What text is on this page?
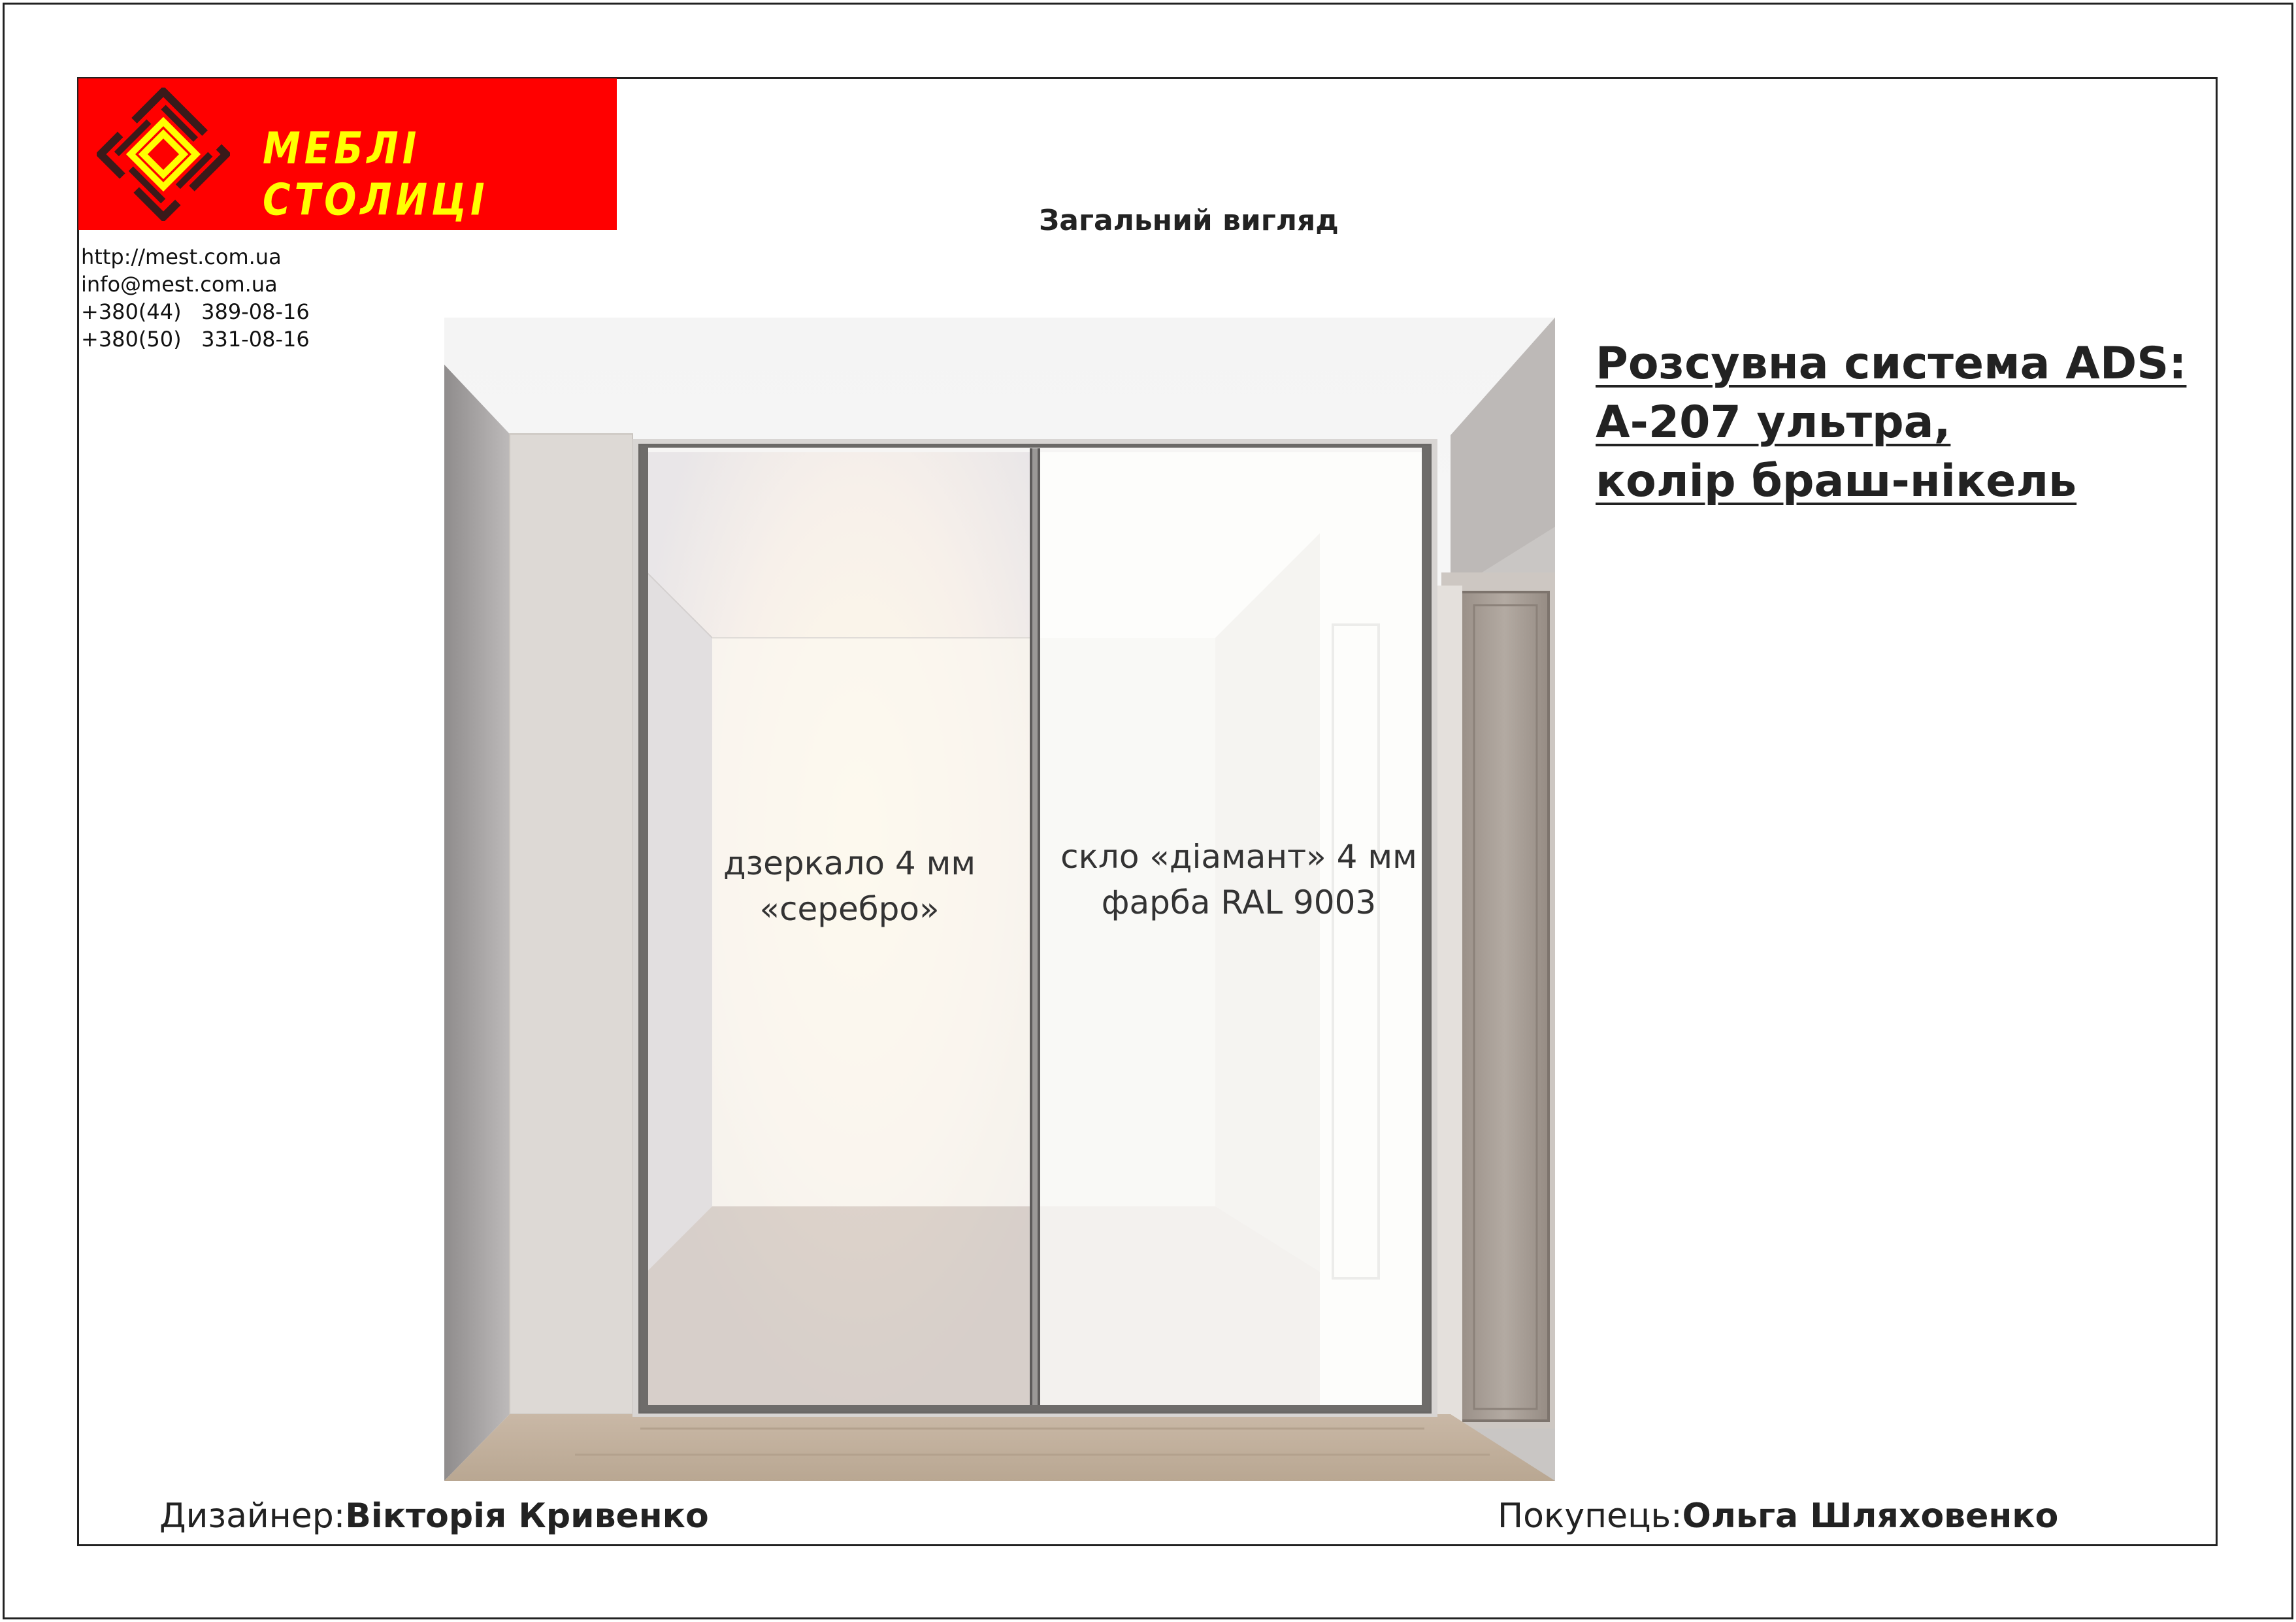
МЕБЛІ СТОЛИЦІ
http://mest.com.ua
info@mest.com.ua
+380(44)   389-08-16
+380(50)   331-08-16
Загальний вигляд
Розсувна система ADS:
А-207 ультра,
колір браш-нікель
дзеркало 4 мм
«серебро»
скло «діамант» 4 мм
фарба RAL 9003
Дизайнер:Вікторія Кривенко	Покупець:Ольга Шляховенко
